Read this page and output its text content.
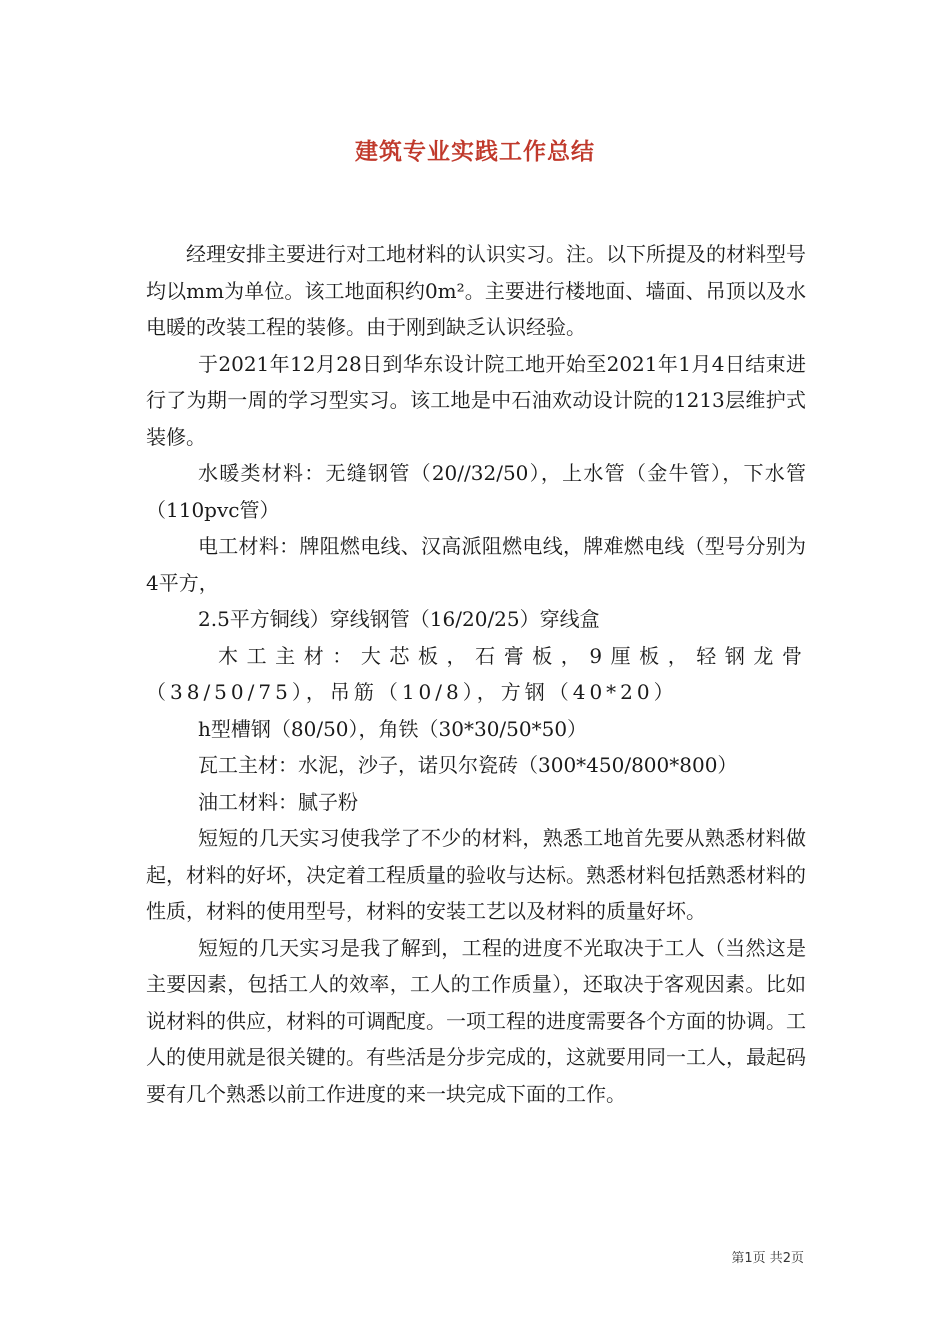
建筑专业实践工作总结

经理安排主要进行对工地材料的认识实习。注。以下所提及的材料型号均以mm为单位。该工地面积约0m²。主要进行楼地面、墙面、吊顶以及水电暖的改装工程的装修。由于刚到缺乏认识经验。

于2021年12月28日到华东设计院工地开始至2021年1月4日结束进行了为期一周的学习型实习。该工地是中石油欢动设计院的1213层维护式装修。

水暖类材料：无缝钢管（20//32/50），上水管（金牛管），下水管（110pvc管）

电工材料：牌阻燃电线、汉高派阻燃电线，牌难燃电线（型号分别为4平方，

2.5平方铜线）穿线钢管（16/20/25）穿线盒

木工主材：大芯板，石膏板，9厘板，轻钢龙骨（38/50/75），吊筋（10/8），方钢（40*20）

h型槽钢（80/50），角铁（30*30/50*50）

瓦工主材：水泥，沙子，诺贝尔瓷砖（300*450/800*800）

油工材料：腻子粉

短短的几天实习使我学了不少的材料，熟悉工地首先要从熟悉材料做起，材料的好坏，决定着工程质量的验收与达标。熟悉材料包括熟悉材料的性质，材料的使用型号，材料的安装工艺以及材料的质量好坏。

短短的几天实习是我了解到，工程的进度不光取决于工人（当然这是主要因素，包括工人的效率，工人的工作质量），还取决于客观因素。比如说材料的供应，材料的可调配度。一项工程的进度需要各个方面的协调。工人的使用就是很关键的。有些活是分步完成的，这就要用同一工人，最起码要有几个熟悉以前工作进度的来一块完成下面的工作。

第1页 共2页
